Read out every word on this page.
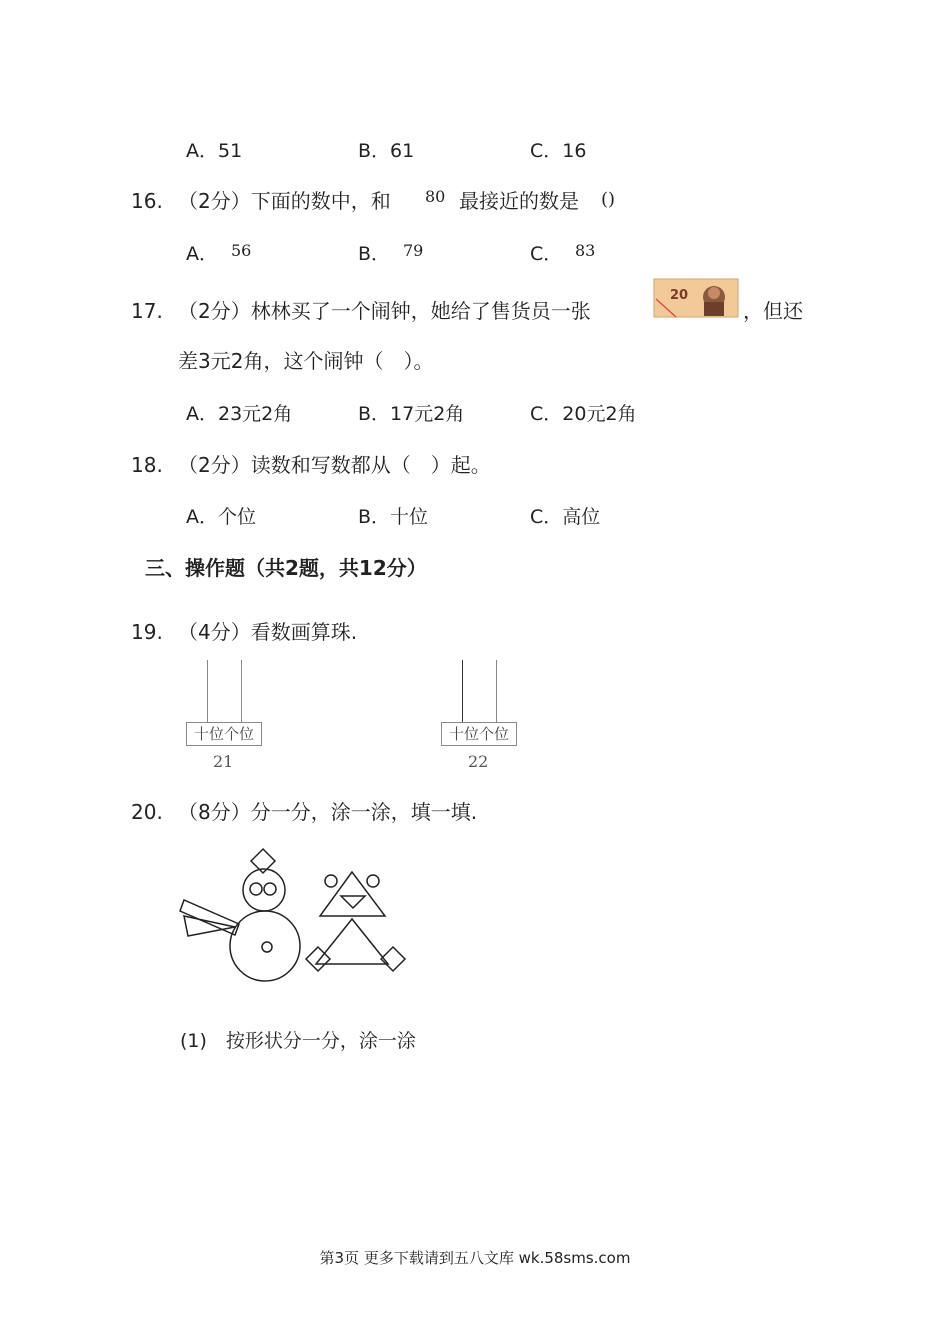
A．51	B．61	C．16
16. （2分）下面的数中，和 80 最接近的数是 ()
A． 56	B． 79	C． 83
17. （2分）林林买了一个闹钟，她给了售货员一张
20
，但还
差3元2角，这个闹钟（　）。
A．23元2角	B．17元2角	C．20元2角
18. （2分）读数和写数都从（　）起。
A．个位	B．十位	C．高位
三、操作题（共2题，共12分）
19. （4分）看数画算珠.
十位个位
21
十位个位
22
20. （8分）分一分，涂一涂，填一填.
(1)　按形状分一分，涂一涂
第3页 更多下载请到五八文库 wk.58sms.com
